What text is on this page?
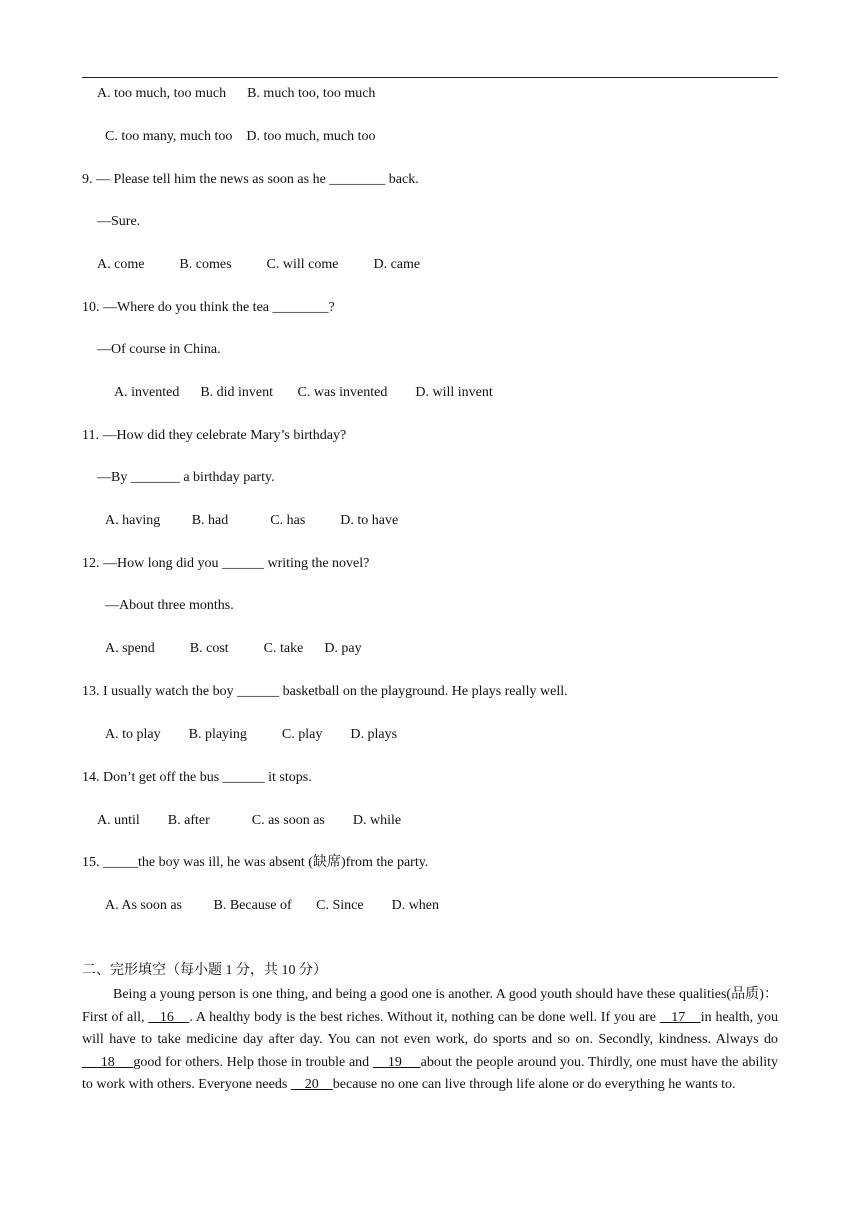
A. too much, too much      B. much too, too much
C. too many, much too    D. too much, much too
9. — Please tell him the news as soon as he ________ back.
—Sure.
A. come          B. comes          C. will come          D. came
10. —Where do you think the tea ________?
—Of course in China.
A. invented      B. did invent       C. was invented        D. will invent
11. —How did they celebrate Mary’s birthday?
—By _______ a birthday party.
A. having         B. had            C. has          D. to have
12. —How long did you ______ writing the novel?
—About three months.
A. spend          B. cost          C. take      D. pay
13. I usually watch the boy ______ basketball on the playground. He plays really well.
A. to play        B. playing          C. play        D. plays
14. Don’t get off the bus ______ it stops.
A. until        B. after            C. as soon as        D. while
15. _____the boy was ill, he was absent (缺席)from the party.
A. As soon as         B. Because of       C. Since        D. when
二、完形填空（每小题 1 分，共 10 分）
Being a young person is one thing, and being a good one is another. A good youth should have these qualities(品质)：First of all,    16    . A healthy body is the best riches. Without it, nothing can be done well. If you are    17    in health, you will have to take medicine day after day. You can not even work, do sports and so on. Secondly, kindness. Always do     18     good for others. Help those in trouble and     19     about the people around you. Thirdly, one must have the ability to work with others. Everyone needs     20    because no one can live through life alone or do everything he wants to.
